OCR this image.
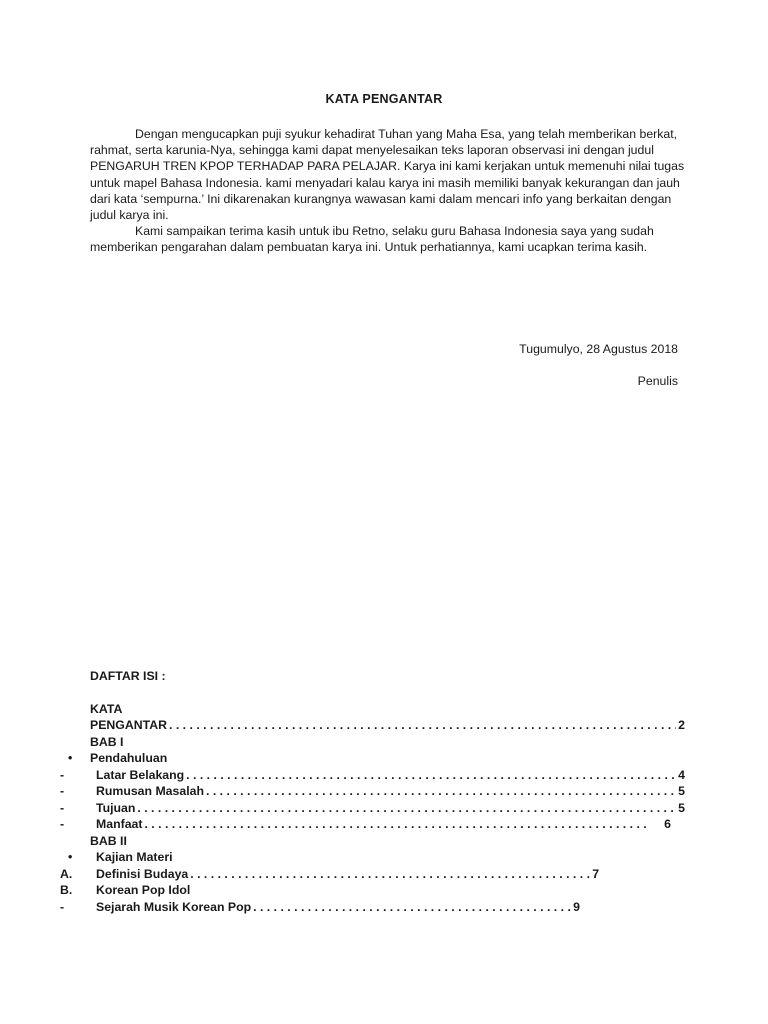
KATA PENGANTAR

Dengan mengucapkan puji syukur kehadirat Tuhan yang Maha Esa, yang telah memberikan berkat, rahmat, serta karunia-Nya, sehingga kami dapat menyelesaikan teks laporan observasi ini dengan judul PENGARUH TREN KPOP TERHADAP PARA PELAJAR. Karya ini kami kerjakan untuk memenuhi nilai tugas untuk mapel Bahasa Indonesia. kami menyadari kalau karya ini masih memiliki banyak kekurangan dan jauh dari kata ‘sempurna.’ Ini dikarenakan kurangnya wawasan kami dalam mencari info yang berkaitan dengan judul karya ini.

Kami sampaikan terima kasih untuk ibu Retno, selaku guru Bahasa Indonesia saya yang sudah memberikan pengarahan dalam pembuatan karya ini. Untuk perhatiannya, kami ucapkan terima kasih.

Tugumulyo, 28 Agustus 2018
Penulis
DAFTAR ISI :
KATA
PENGANTAR . . .	2
BAB I
•	Pendahuluan
-	Latar Belakang . . .	4
-	Rumusan Masalah . . .	5
-	Tujuan . . .	5
-	Manfaat . . .	6
BAB II
•	Kajian Materi
A.	Definisi Budaya . . .	7
B.	Korean Pop Idol
-	Sejarah Musik Korean Pop . . .	9
